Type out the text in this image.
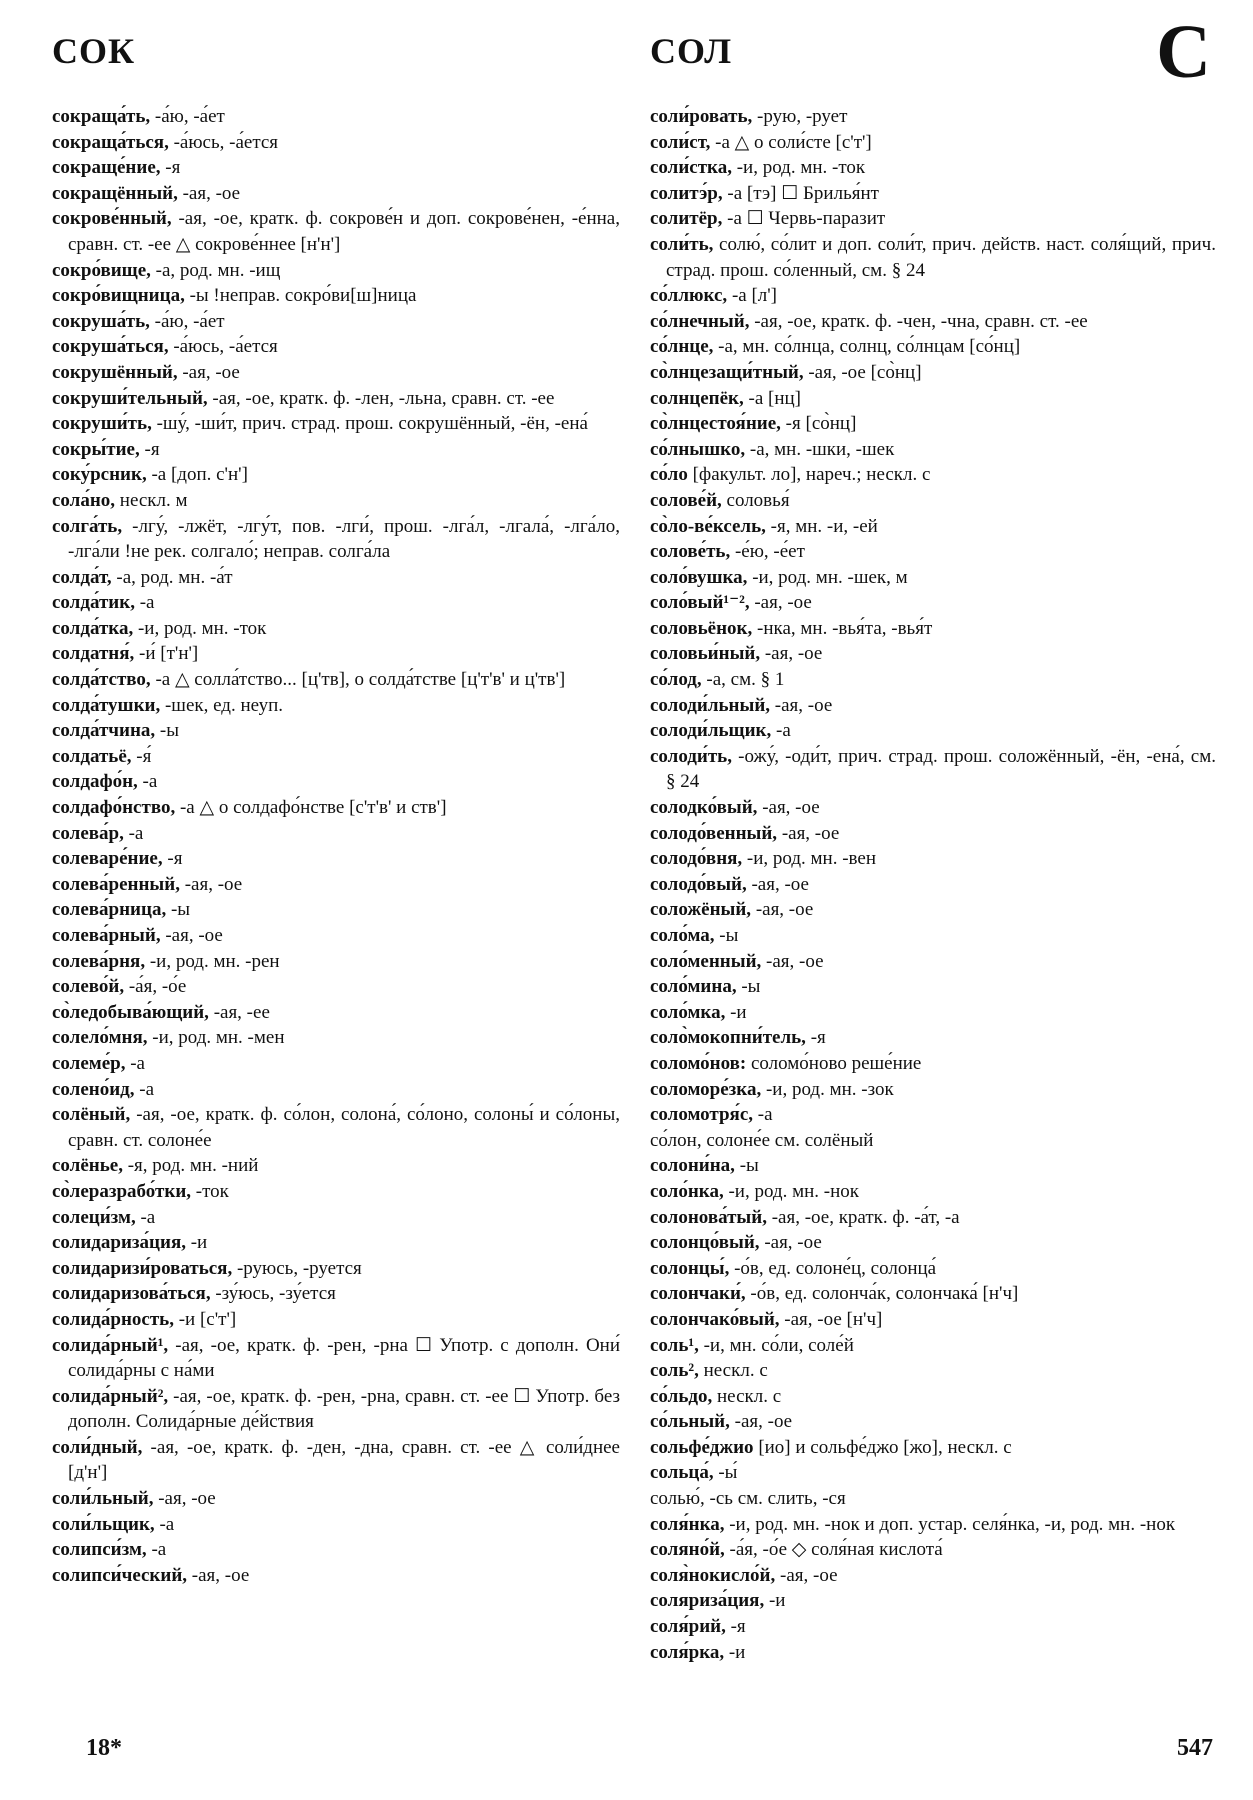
СОК	СОЛ	С
сокраща́ть, -а́ю, -а́ет
сокраща́ться, -а́юсь, -а́ется
сокраще́ние, -я
сокращённый, -ая, -ое
сокрове́нный, -ая, -ое, кратк. ф. сокрове́н и доп. сокрове́нен, -е́нна, сравн. ст. -ее △ сокрове́ннее [н'н']
сокро́вище, -а, род. мн. -ищ
сокро́вищница, -ы !неправ. сокро́ви[ш]ница
сокруша́ть, -а́ю, -а́ет
сокруша́ться, -а́юсь, -а́ется
сокрушённый, -ая, -ое
сокруши́тельный, -ая, -ое, кратк. ф. -лен, -льна, сравн. ст. -ее
сокруши́ть, -шу́, -ши́т, прич. страд. прош. сокрушённый, -ён, -ена́
сокры́тие, -я
соку́рсник, -а [доп. с'н']
сола́но, нескл. м
солга́ть, -лгу́, -лжёт, -лгу́т, пов. -лги́, прош. -лга́л, -лгала́, -лга́ло, -лга́ли !не рек. солгало́; неправ. солга́ла
солда́т, -а, род. мн. -а́т
солда́тик, -а
солда́тка, -и, род. мн. -ток
солдатня́, -и́ [т'н']
солда́тство, -а △ солла́тство... [ц'тв], о солда́тстве [ц'т'в' и ц'тв']
солда́тушки, -шек, ед. неуп.
солда́тчина, -ы
солдатьё, -я́
солдафо́н, -а
солдафо́нство, -а △ о солдафо́нстве [с'т'в' и ств']
солева́р, -а
солеваре́ние, -я
солева́ренный, -ая, -ое
солева́рница, -ы
солева́рный, -ая, -ое
солева́рня, -и, род. мн. -рен
солево́й, -а́я, -о́е
со̀ледобыва́ющий, -ая, -ее
солело́мня, -и, род. мн. -мен
солеме́р, -а
солено́ид, -а
солёный, -ая, -ое, кратк. ф. со́лон, солона́, со́лоно, солоны́ и со́лоны, сравн. ст. солоне́е
солёнье, -я, род. мн. -ний
со̀леразрабо́тки, -ток
солеци́зм, -а
солидариза́ция, -и
солидаризи́роваться, -руюсь, -руется
солидаризова́ться, -зу́юсь, -зу́ется
солида́рность, -и [с'т']
солида́рный¹, -ая, -ое, кратк. ф. -рен, -рна ☐ Употр. с дополн. Они́ солида́рны с на́ми
солида́рный², -ая, -ое, кратк. ф. -рен, -рна, сравн. ст. -ее ☐ Употр. без дополн. Солида́рные де́йствия
соли́дный, -ая, -ое, кратк. ф. -ден, -дна, сравн. ст. -ее △ соли́днее [д'н']
соли́льный, -ая, -ое
соли́льщик, -а
солипси́зм, -а
солипси́ческий, -ая, -ое
соли́ровать, -рую, -рует
соли́ст, -а △ о соли́сте [с'т']
соли́стка, -и, род. мн. -ток
солитэ́р, -а [тэ] ☐ Брилья́нт
солитёр, -а ☐ Червь-паразит
соли́ть, солю́, со́лит и доп. соли́т, прич. действ. наст. соля́щий, прич. страд. прош. со́ленный, см. § 24
со́ллюкс, -а [л']
со́лнечный, -ая, -ое, кратк. ф. -чен, -чна, сравн. ст. -ее
со́лнце, -а, мн. со́лнца, солнц, со́лнцам [со́нц]
со̀лнцезащи́тный, -ая, -ое [со̀нц]
солнцепёк, -а [нц]
со̀лнцестоя́ние, -я [со̀нц]
со́лнышко, -а, мн. -шки, -шек
со́ло [факульт. ло], нареч.; нескл. с
солове́й, соловья́
со̀ло-ве́ксель, -я, мн. -и, -ей
солове́ть, -е́ю, -е́ет
соло́вушка, -и, род. мн. -шек, м
соло́вый¹⁻², -ая, -ое
соловьёнок, -нка, мн. -вья́та, -вья́т
соловьи́ный, -ая, -ое
со́лод, -а, см. § 1
солоди́льный, -ая, -ое
солоди́льщик, -а
солоди́ть, -ожу́, -оди́т, прич. страд. прош. соложённый, -ён, -ена́, см. § 24
солодко́вый, -ая, -ое
солодо́венный, -ая, -ое
солодо́вня, -и, род. мн. -вен
солодо́вый, -ая, -ое
соложёный, -ая, -ое
соло́ма, -ы
соло́менный, -ая, -ое
соло́мина, -ы
соло́мка, -и
соло̀мокопни́тель, -я
соломо́нов: соломо́ново реше́ние
соломоре́зка, -и, род. мн. -зок
соломотря́с, -а
со́лон, солоне́е см. солёный
солони́на, -ы
соло́нка, -и, род. мн. -нок
солонова́тый, -ая, -ое, кратк. ф. -а́т, -а
солонцо́вый, -ая, -ое
солонцы́, -о́в, ед. солоне́ц, солонца́
солончаки́, -о́в, ед. солонча́к, солончака́ [н'ч]
солончако́вый, -ая, -ое [н'ч]
соль¹, -и, мн. со́ли, соле́й
соль², нескл. с
со́льдо, нескл. с
со́льный, -ая, -ое
сольфе́джио [ио] и сольфе́джо [жо], нескл. с
сольца́, -ы́
солью́, -сь см. слить, -ся
соля́нка, -и, род. мн. -нок и доп. устар. селя́нка, -и, род. мн. -нок
соляно́й, -а́я, -о́е ◇ соля́ная кислота́
соля̀нокисло́й, -ая, -ое
соляриза́ция, -и
соля́рий, -я
соля́рка, -и
18*	547
